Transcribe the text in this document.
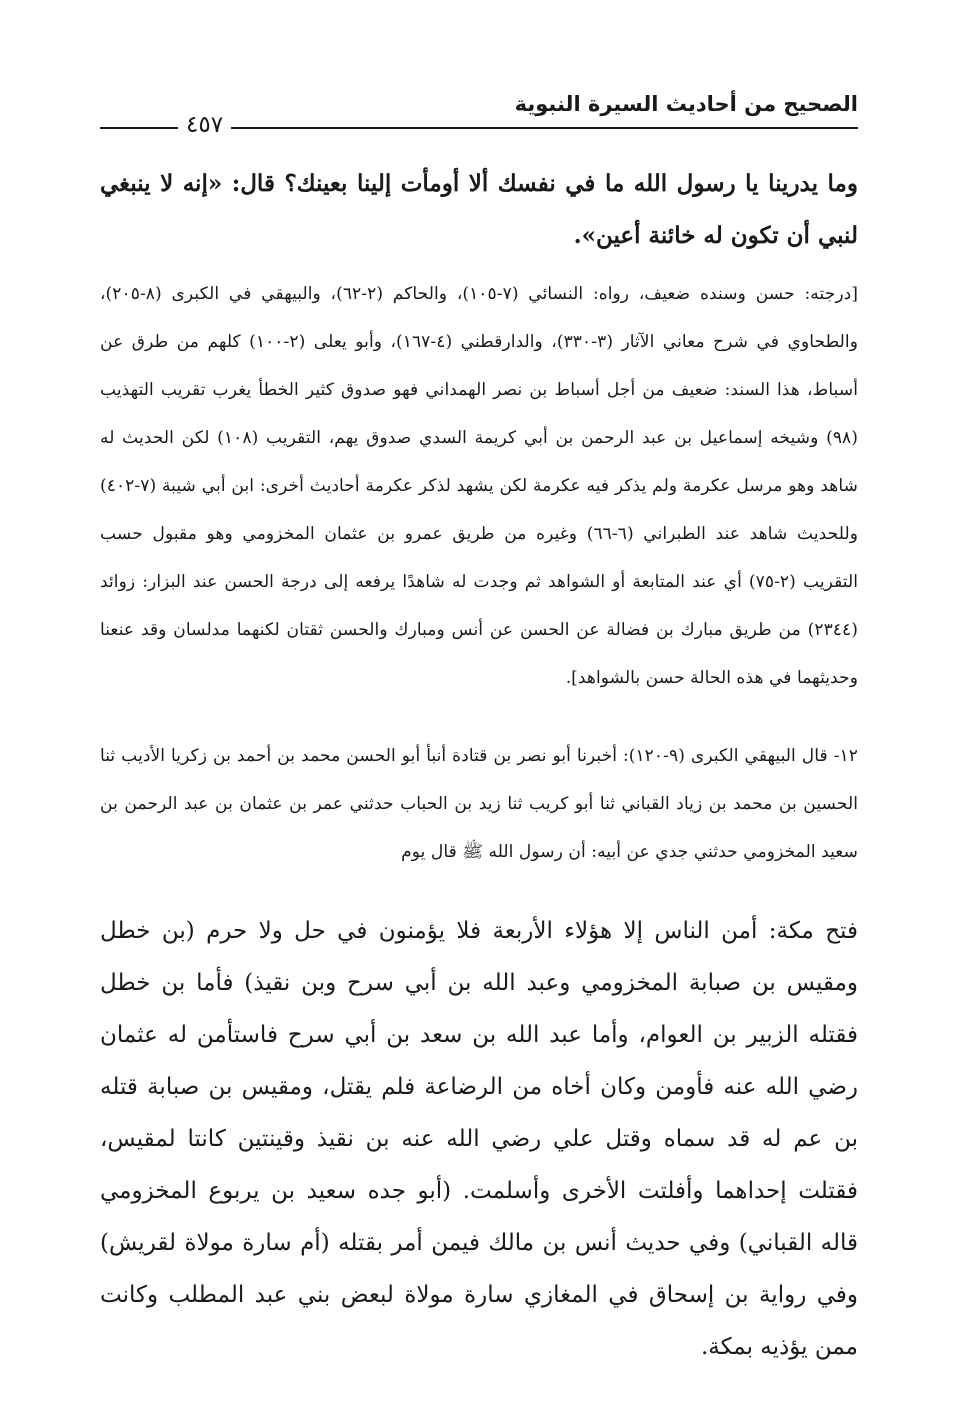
الصحيح من أحاديث السيرة النبوية
٤٥٧

وما يدرينا يا رسول الله ما في نفسك ألا أومأت إلينا بعينك؟ قال: «إنه لا ينبغي لنبي أن تكون له خائنة أعين».

[درجته: حسن وسنده ضعيف، رواه: النسائي (٧-١٠٥)، والحاكم (٢-٦٢)، والبيهقي في الكبرى (٨-٢٠٥)، والطحاوي في شرح معاني الآثار (٣-٣٣٠)، والدارقطني (٤-١٦٧)، وأبو يعلى (٢-١٠٠) كلهم من طرق عن أسباط، هذا السند: ضعيف من أجل أسباط بن نصر الهمداني فهو صدوق كثير الخطأ يغرب تقريب التهذيب (٩٨) وشيخه إسماعيل بن عبد الرحمن بن أبي كريمة السدي صدوق يهم، التقريب (١٠٨) لكن الحديث له شاهد وهو مرسل عكرمة ولم يذكر فيه عكرمة لكن يشهد لذكر عكرمة أحاديث أخرى: ابن أبي شيبة (٧-٤٠٢) وللحديث شاهد عند الطبراني (٦-٦٦) وغيره من طريق عمرو بن عثمان المخزومي وهو مقبول حسب التقريب (٢-٧٥) أي عند المتابعة أو الشواهد ثم وجدت له شاهدًا يرفعه إلى درجة الحسن عند البزار: زوائد (٢٣٤٤) من طريق مبارك بن فضالة عن الحسن عن أنس ومبارك والحسن ثقتان لكنهما مدلسان وقد عنعنا وحديثهما في هذه الحالة حسن بالشواهد].

١٢- قال البيهقي الكبرى (٩-١٢٠): أخبرنا أبو نصر بن قتادة أنبأ أبو الحسن محمد بن أحمد بن زكريا الأديب ثنا الحسين بن محمد بن زياد القباني ثنا أبو كريب ثنا زيد بن الحباب حدثني عمر بن عثمان بن عبد الرحمن بن سعيد المخزومي حدثني جدي عن أبيه: أن رسول الله ﷺ قال يوم

فتح مكة: أمن الناس إلا هؤلاء الأربعة فلا يؤمنون في حل ولا حرم (بن خطل ومقيس بن صبابة المخزومي وعبد الله بن أبي سرح وبن نقيذ) فأما بن خطل فقتله الزبير بن العوام، وأما عبد الله بن سعد بن أبي سرح فاستأمن له عثمان رضي الله عنه فأومن وكان أخاه من الرضاعة فلم يقتل، ومقيس بن صبابة قتله بن عم له قد سماه وقتل علي رضي الله عنه بن نقيذ وقينتين كانتا لمقيس، فقتلت إحداهما وأفلتت الأخرى وأسلمت. (أبو جده سعيد بن يربوع المخزومي قاله القباني) وفي حديث أنس بن مالك فيمن أمر بقتله (أم سارة مولاة لقريش) وفي رواية بن إسحاق في المغازي سارة مولاة لبعض بني عبد المطلب وكانت ممن يؤذيه بمكة.
